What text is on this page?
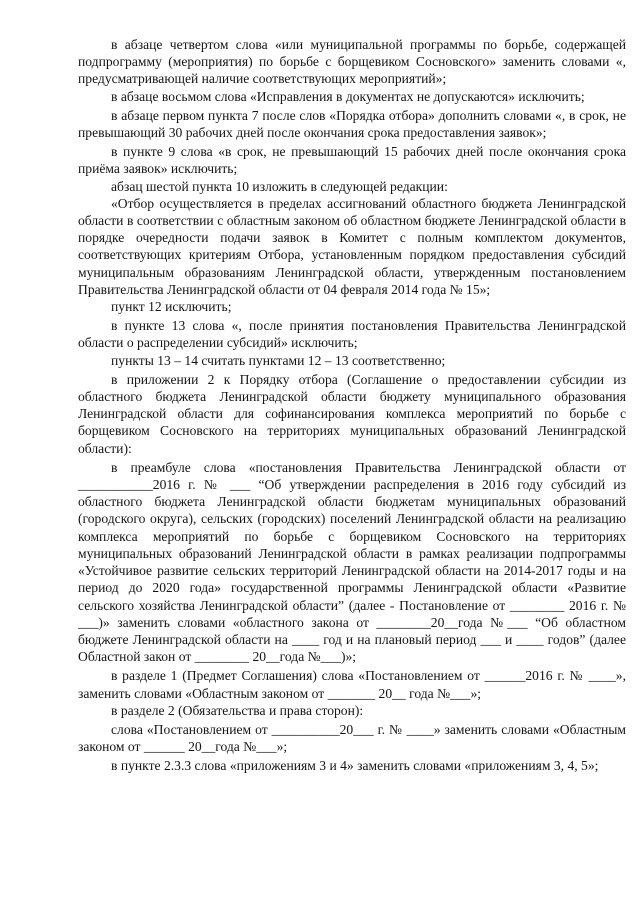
в абзаце четвертом слова «или муниципальной программы по борьбе, содержащей подпрограмму (мероприятия) по борьбе с борщевиком Сосновского» заменить словами «, предусматривающей наличие соответствующих мероприятий»;

в абзаце восьмом слова «Исправления в документах не допускаются» исключить;

в абзаце первом пункта 7 после слов «Порядка отбора» дополнить словами «, в срок, не превышающий 30 рабочих дней после окончания срока предоставления заявок»;

в пункте 9 слова «в срок, не превышающий 15 рабочих дней после окончания срока приёма заявок» исключить;

абзац шестой пункта 10 изложить в следующей редакции:

«Отбор осуществляется в пределах ассигнований областного бюджета Ленинградской области в соответствии с областным законом об областном бюджете Ленинградской области в порядке очередности подачи заявок в Комитет с полным комплектом документов, соответствующих критериям Отбора, установленным порядком предоставления субсидий муниципальным образованиям Ленинградской области, утвержденным постановлением Правительства Ленинградской области от 04 февраля 2014 года № 15»;

пункт 12 исключить;

в пункте 13 слова «, после принятия постановления Правительства Ленинградской области о распределении субсидий» исключить;

пункты 13 – 14 считать пунктами 12 – 13 соответственно;

в приложении 2 к Порядку отбора (Соглашение о предоставлении субсидии из областного бюджета Ленинградской области бюджету муниципального образования Ленинградской области для софинансирования комплекса мероприятий по борьбе с борщевиком Сосновского на территориях муниципальных образований Ленинградской области):

в преамбуле слова «постановления Правительства Ленинградской области от ___________2016 г. № ___ “Об утверждении распределения в 2016 году субсидий из областного бюджета Ленинградской области бюджетам муниципальных образований (городского округа), сельских (городских) поселений Ленинградской области на реализацию комплекса мероприятий по борьбе с борщевиком Сосновского на территориях муниципальных образований Ленинградской области в рамках реализации подпрограммы «Устойчивое развитие сельских территорий Ленинградской области на 2014-2017 годы и на период до 2020 года» государственной программы Ленинградской области «Развитие сельского хозяйства Ленинградской области” (далее - Постановление от ________ 2016 г. № ___)» заменить словами «областного закона от ________20__года №___ “Об областном бюджете Ленинградской области на ____ год и на плановый период ___ и ____ годов” (далее Областной закон от ________ 20__года №___)»;

в разделе 1 (Предмет Соглашения) слова «Постановлением от ______2016 г. № ____», заменить словами «Областным законом от _______ 20__ года №___»;

в разделе 2 (Обязательства и права сторон):

слова «Постановлением от __________20___ г. № ____» заменить словами «Областным законом от ______ 20__года №___»;

в пункте 2.3.3 слова «приложениям 3 и 4» заменить словами «приложениям 3, 4, 5»;
